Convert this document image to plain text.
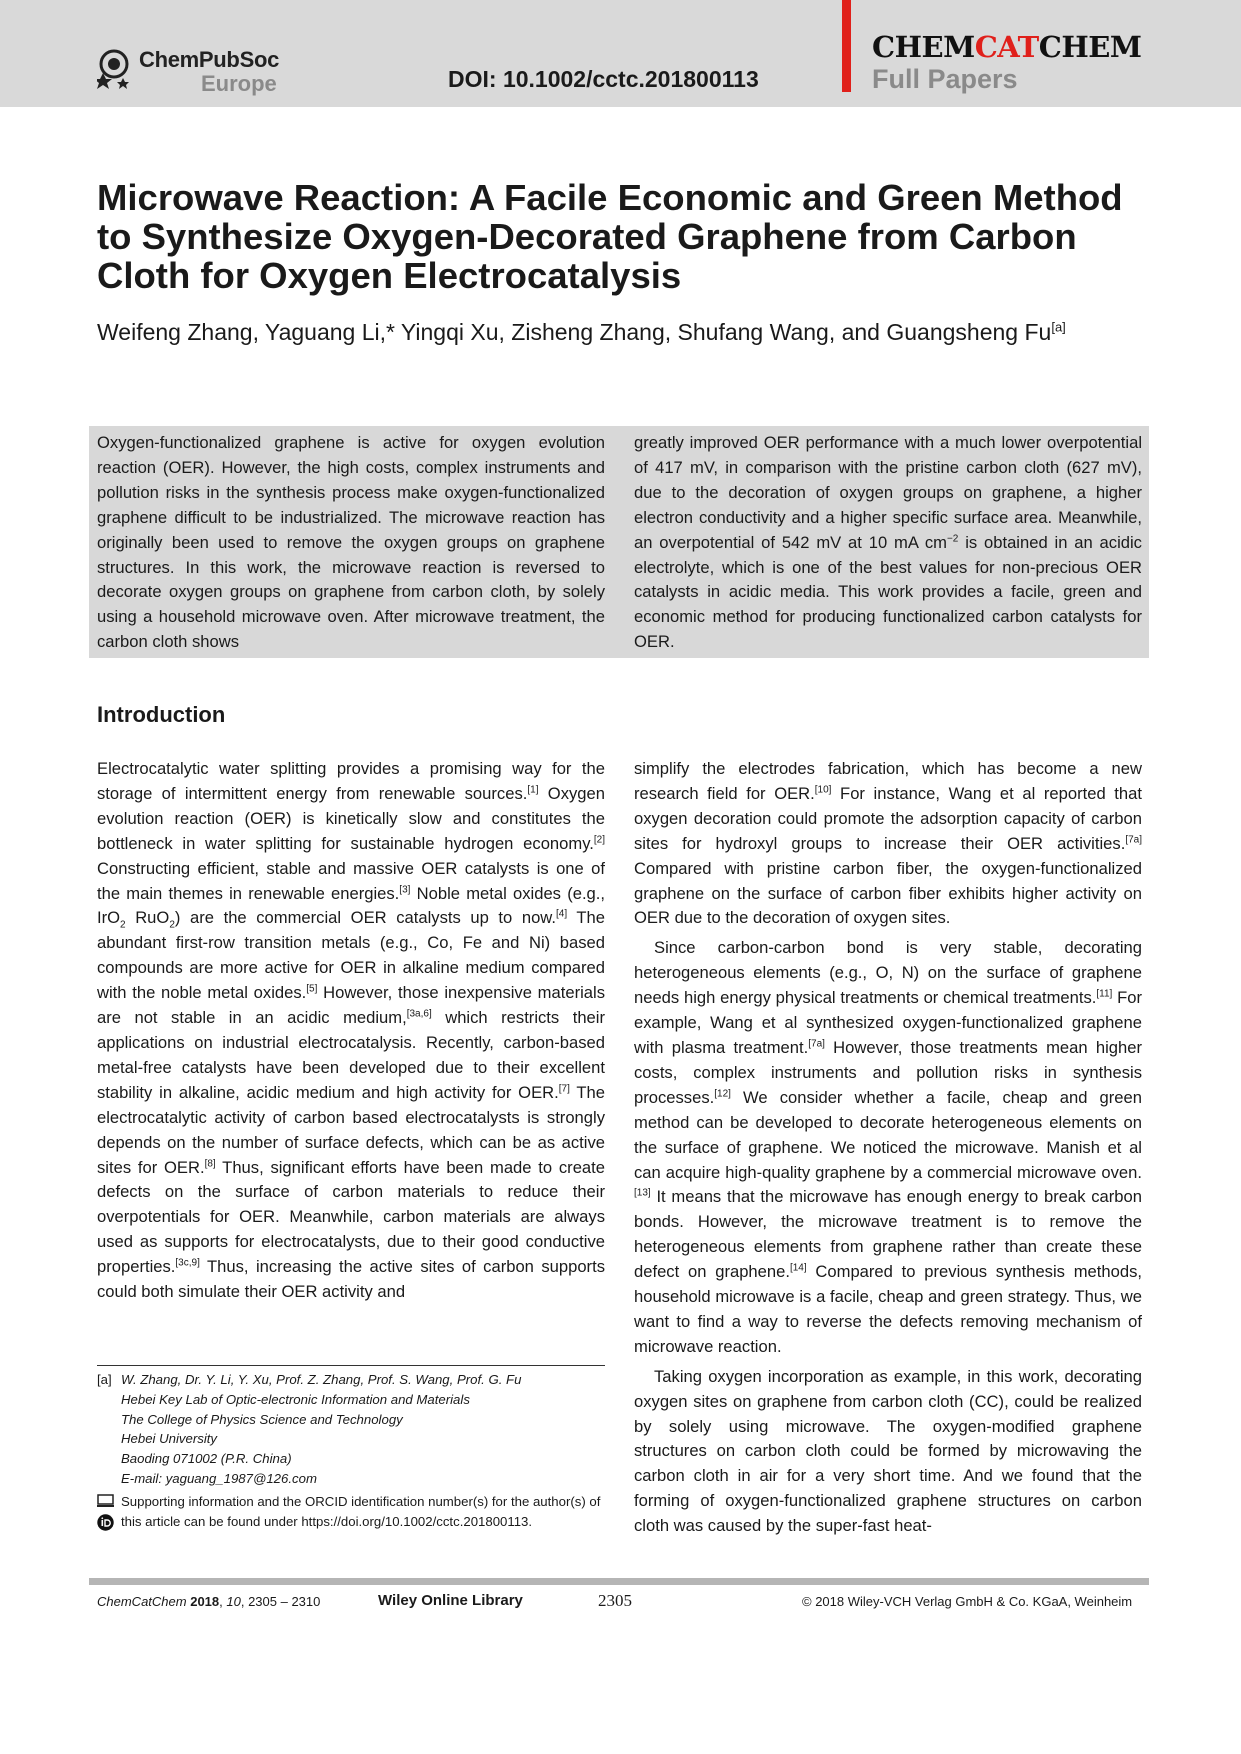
ChemPubSoc
Europe	DOI: 10.1002/cctc.201800113
CHEMCATCHEM
Full Papers
Microwave Reaction: A Facile Economic and Green Method to Synthesize Oxygen-Decorated Graphene from Carbon Cloth for Oxygen Electrocatalysis
Weifeng Zhang, Yaguang Li,* Yingqi Xu, Zisheng Zhang, Shufang Wang, and Guangsheng Fu[a]

Oxygen-functionalized graphene is active for oxygen evolution reaction (OER). However, the high costs, complex instruments and pollution risks in the synthesis process make oxygen-functionalized graphene difficult to be industrialized. The microwave reaction has originally been used to remove the oxygen groups on graphene structures. In this work, the microwave reaction is reversed to decorate oxygen groups on graphene from carbon cloth, by solely using a household microwave oven. After microwave treatment, the carbon cloth shows

greatly improved OER performance with a much lower overpotential of 417 mV, in comparison with the pristine carbon cloth (627 mV), due to the decoration of oxygen groups on graphene, a higher electron conductivity and a higher specific surface area. Meanwhile, an overpotential of 542 mV at 10 mA $cm^{-2}$ is obtained in an acidic electrolyte, which is one of the best values for non-precious OER catalysts in acidic media. This work provides a facile, green and economic method for producing functionalized carbon catalysts for OER.

Introduction

Electrocatalytic water splitting provides a promising way for the storage of intermittent energy from renewable sources.[1] Oxygen evolution reaction (OER) is kinetically slow and constitutes the bottleneck in water splitting for sustainable hydrogen economy.[2] Constructing efficient, stable and massive OER catalysts is one of the main themes in renewable energies.[3] Noble metal oxides (e.g., IrO$_2$ RuO$_2$) are the commercial OER catalysts up to now.[4] The abundant first-row transition metals (e.g., Co, Fe and Ni) based compounds are more active for OER in alkaline medium compared with the noble metal oxides.[5] However, those inexpensive materials are not stable in an acidic medium,[3a,6] which restricts their applications on industrial electrocatalysis. Recently, carbon-based metal-free catalysts have been developed due to their excellent stability in alkaline, acidic medium and high activity for OER.[7] The electrocatalytic activity of carbon based electrocatalysts is strongly depends on the number of surface defects, which can be as active sites for OER.[8] Thus, significant efforts have been made to create defects on the surface of carbon materials to reduce their overpotentials for OER. Meanwhile, carbon materials are always used as supports for electrocatalysts, due to their good conductive properties.[3c,9] Thus, increasing the active sites of carbon supports could both simulate their OER activity and

simplify the electrodes fabrication, which has become a new research field for OER.[10] For instance, Wang et al reported that oxygen decoration could promote the adsorption capacity of carbon sites for hydroxyl groups to increase their OER activities.[7a] Compared with pristine carbon fiber, the oxygen-functionalized graphene on the surface of carbon fiber exhibits higher activity on OER due to the decoration of oxygen sites.

Since carbon-carbon bond is very stable, decorating heterogeneous elements (e.g., O, N) on the surface of graphene needs high energy physical treatments or chemical treatments.[11] For example, Wang et al synthesized oxygen-functionalized graphene with plasma treatment.[7a] However, those treatments mean higher costs, complex instruments and pollution risks in synthesis processes.[12] We consider whether a facile, cheap and green method can be developed to decorate heterogeneous elements on the surface of graphene. We noticed the microwave. Manish et al can acquire high-quality graphene by a commercial microwave oven.[13] It means that the microwave has enough energy to break carbon bonds. However, the microwave treatment is to remove the heterogeneous elements from graphene rather than create these defect on graphene.[14] Compared to previous synthesis methods, household microwave is a facile, cheap and green strategy. Thus, we want to find a way to reverse the defects removing mechanism of microwave reaction.

Taking oxygen incorporation as example, in this work, decorating oxygen sites on graphene from carbon cloth (CC), could be realized by solely using microwave. The oxygen-modified graphene structures on carbon cloth could be formed by microwaving the carbon cloth in air for a very short time. And we found that the forming of oxygen-functionalized graphene structures on carbon cloth was caused by the super-fast heat-

[a] W. Zhang, Dr. Y. Li, Y. Xu, Prof. Z. Zhang, Prof. S. Wang, Prof. G. Fu
Hebei Key Lab of Optic-electronic Information and Materials
The College of Physics Science and Technology
Hebei University
Baoding 071002 (P.R. China)
E-mail: yaguang_1987@126.com
Supporting information and the ORCID identification number(s) for the author(s) of this article can be found under https://doi.org/10.1002/cctc.201800113.
ChemCatChem 2018, 10, 2305 – 2310	Wiley Online Library	2305	© 2018 Wiley-VCH Verlag GmbH & Co. KGaA, Weinheim
